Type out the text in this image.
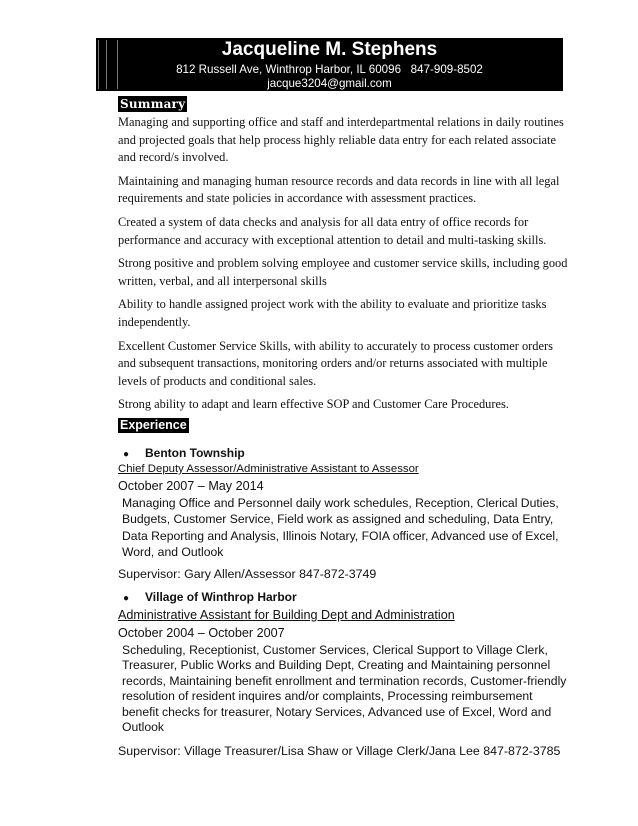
Jacqueline M. Stephens
812 Russell Ave, Winthrop Harbor, IL 60096   847-909-8502
jacque3204@gmail.com
Summary

Managing and supporting office and staff and interdepartmental relations in daily routines and projected goals that help process highly reliable data entry for each related associate and record/s involved.

Maintaining and managing human resource records and data records in line with all legal requirements and state policies in accordance with assessment practices.

Created a system of data checks and analysis for all data entry of office records for performance and accuracy with exceptional attention to detail and multi-tasking skills.

Strong positive and problem solving employee and customer service skills, including good written, verbal, and all interpersonal skills

Ability to handle assigned project work with the ability to evaluate and prioritize tasks independently.

Excellent Customer Service Skills, with ability to accurately to process customer orders and subsequent transactions, monitoring orders and/or returns associated with multiple levels of products and conditional sales.

Strong ability to adapt and learn effective SOP and Customer Care Procedures.

Experience
● Benton Township
Chief Deputy Assessor/Administrative Assistant to Assessor
October 2007 – May 2014
Managing Office and Personnel daily work schedules, Reception, Clerical Duties, Budgets, Customer Service, Field work as assigned and scheduling, Data Entry, Data Reporting and Analysis, Illinois Notary, FOIA officer, Advanced use of Excel, Word, and Outlook
Supervisor: Gary Allen/Assessor 847-872-3749
● Village of Winthrop Harbor
Administrative Assistant for Building Dept and Administration
October 2004 – October 2007
Scheduling, Receptionist, Customer Services, Clerical Support to Village Clerk, Treasurer, Public Works and Building Dept, Creating and Maintaining personnel records, Maintaining benefit enrollment and termination records, Customer-friendly resolution of resident inquires and/or complaints, Processing reimbursement benefit checks for treasurer, Notary Services, Advanced use of Excel, Word and Outlook
Supervisor: Village Treasurer/Lisa Shaw or Village Clerk/Jana Lee 847-872-3785
